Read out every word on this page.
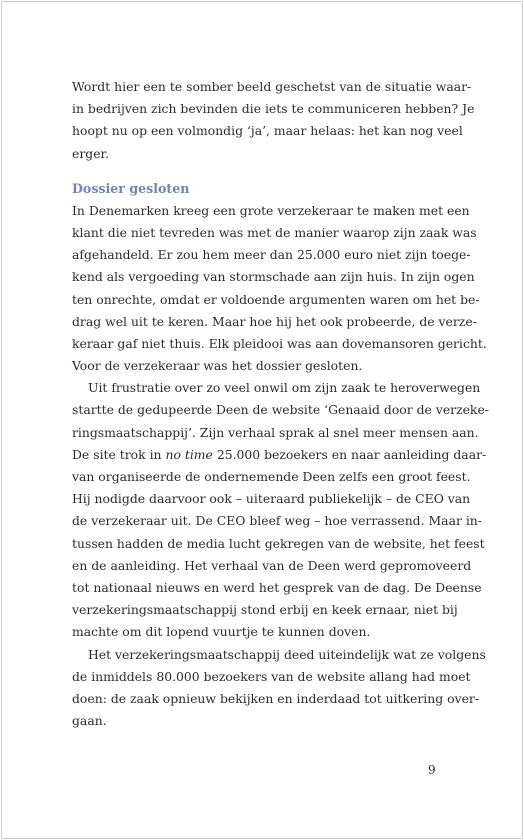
Wordt hier een te somber beeld geschetst van de situatie waar-
in bedrijven zich bevinden die iets te communiceren hebben? Je
hoopt nu op een volmondig ‘ja’, maar helaas: het kan nog veel
erger.
Dossier gesloten
In Denemarken kreeg een grote verzekeraar te maken met een
klant die niet tevreden was met de manier waarop zijn zaak was
afgehandeld. Er zou hem meer dan 25.000 euro niet zijn toege-
kend als vergoeding van stormschade aan zijn huis. In zijn ogen
ten onrechte, omdat er voldoende argumenten waren om het be-
drag wel uit te keren. Maar hoe hij het ook probeerde, de verze-
keraar gaf niet thuis. Elk pleidooi was aan dovemansoren gericht.
Voor de verzekeraar was het dossier gesloten.
Uit frustratie over zo veel onwil om zijn zaak te heroverwegen
startte de gedupeerde Deen de website ‘Genaaid door de verzeke-
ringsmaatschappij’. Zijn verhaal sprak al snel meer mensen aan.
De site trok in no time 25.000 bezoekers en naar aanleiding daar-
van organiseerde de ondernemende Deen zelfs een groot feest.
Hij nodigde daarvoor ook – uiteraard publiekelijk – de CEO van
de verzekeraar uit. De CEO bleef weg – hoe verrassend. Maar in-
tussen hadden de media lucht gekregen van de website, het feest
en de aanleiding. Het verhaal van de Deen werd gepromoveerd
tot nationaal nieuws en werd het gesprek van de dag. De Deense
verzekeringsmaatschappij stond erbij en keek ernaar, niet bij
machte om dit lopend vuurtje te kunnen doven.
Het verzekeringsmaatschappij deed uiteindelijk wat ze volgens
de inmiddels 80.000 bezoekers van de website allang had moet
doen: de zaak opnieuw bekijken en inderdaad tot uitkering over-
gaan.
9
